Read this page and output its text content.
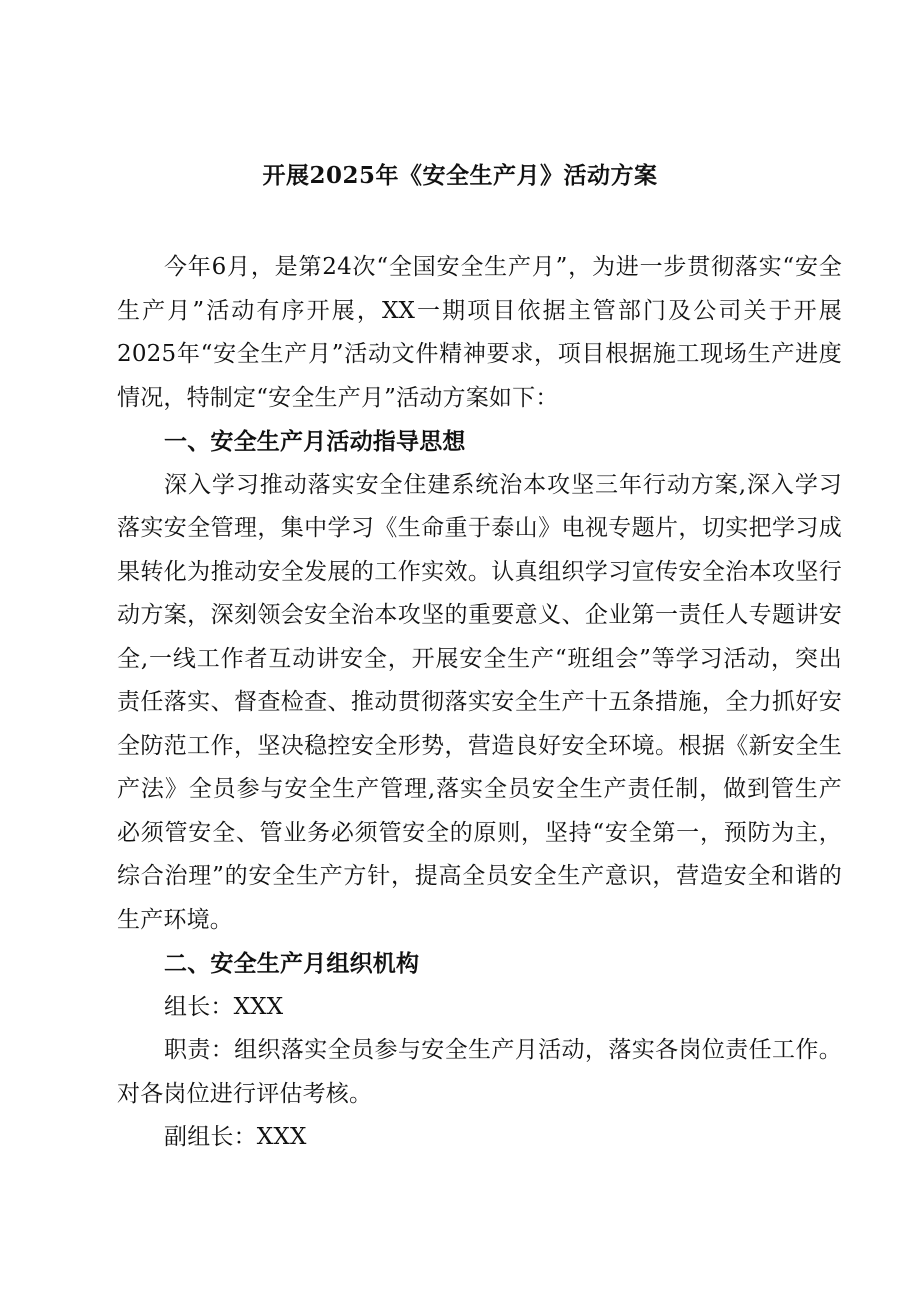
开展2025年《安全生产月》活动方案

今年6月，是第24次“全国安全生产月”，为进一步贯彻落实“安全生产月”活动有序开展，XX一期项目依据主管部门及公司关于开展2025年“安全生产月”活动文件精神要求，项目根据施工现场生产进度情况，特制定“安全生产月”活动方案如下：

一、安全生产月活动指导思想

深入学习推动落实安全住建系统治本攻坚三年行动方案,深入学习落实安全管理，集中学习《生命重于泰山》电视专题片，切实把学习成果转化为推动安全发展的工作实效。认真组织学习宣传安全治本攻坚行动方案，深刻领会安全治本攻坚的重要意义、企业第一责任人专题讲安全,一线工作者互动讲安全，开展安全生产“班组会”等学习活动，突出责任落实、督查检查、推动贯彻落实安全生产十五条措施，全力抓好安全防范工作，坚决稳控安全形势，营造良好安全环境。根据《新安全生产法》全员参与安全生产管理,落实全员安全生产责任制，做到管生产必须管安全、管业务必须管安全的原则，坚持“安全第一，预防为主，综合治理”的安全生产方针，提高全员安全生产意识，营造安全和谐的生产环境。

二、安全生产月组织机构

组长：XXX

职责：组织落实全员参与安全生产月活动，落实各岗位责任工作。对各岗位进行评估考核。

副组长：XXX
